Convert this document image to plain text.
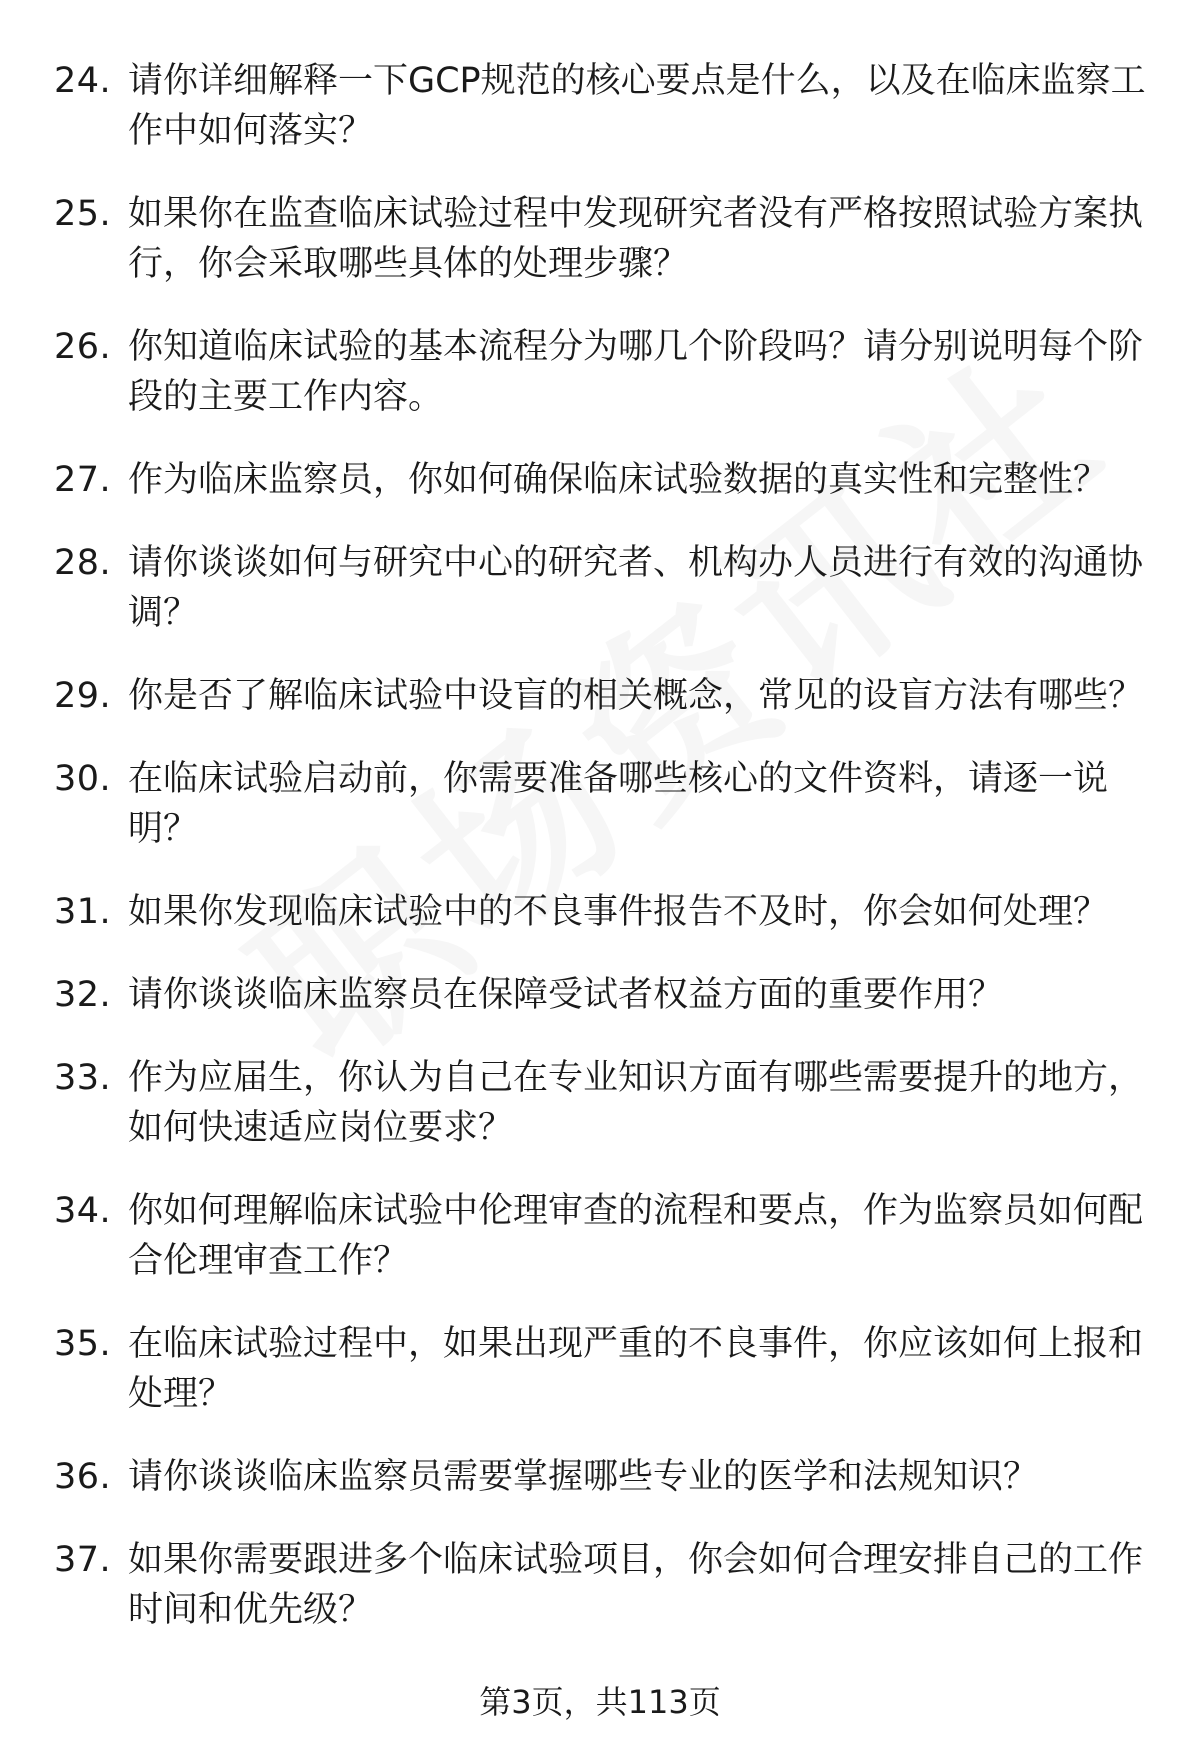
24. 请你详细解释一下GCP规范的核心要点是什么，以及在临床监察工作中如何落实？
25. 如果你在监查临床试验过程中发现研究者没有严格按照试验方案执行，你会采取哪些具体的处理步骤？
26. 你知道临床试验的基本流程分为哪几个阶段吗？请分别说明每个阶段的主要工作内容。
27. 作为临床监察员，你如何确保临床试验数据的真实性和完整性？
28. 请你谈谈如何与研究中心的研究者、机构办人员进行有效的沟通协调？
29. 你是否了解临床试验中设盲的相关概念，常见的设盲方法有哪些？
30. 在临床试验启动前，你需要准备哪些核心的文件资料，请逐一说明？
31. 如果你发现临床试验中的不良事件报告不及时，你会如何处理？
32. 请你谈谈临床监察员在保障受试者权益方面的重要作用？
33. 作为应届生，你认为自己在专业知识方面有哪些需要提升的地方，如何快速适应岗位要求？
34. 你如何理解临床试验中伦理审查的流程和要点，作为监察员如何配合伦理审查工作？
35. 在临床试验过程中，如果出现严重的不良事件，你应该如何上报和处理？
36. 请你谈谈临床监察员需要掌握哪些专业的医学和法规知识？
37. 如果你需要跟进多个临床试验项目，你会如何合理安排自己的工作时间和优先级？
第3页，共113页
